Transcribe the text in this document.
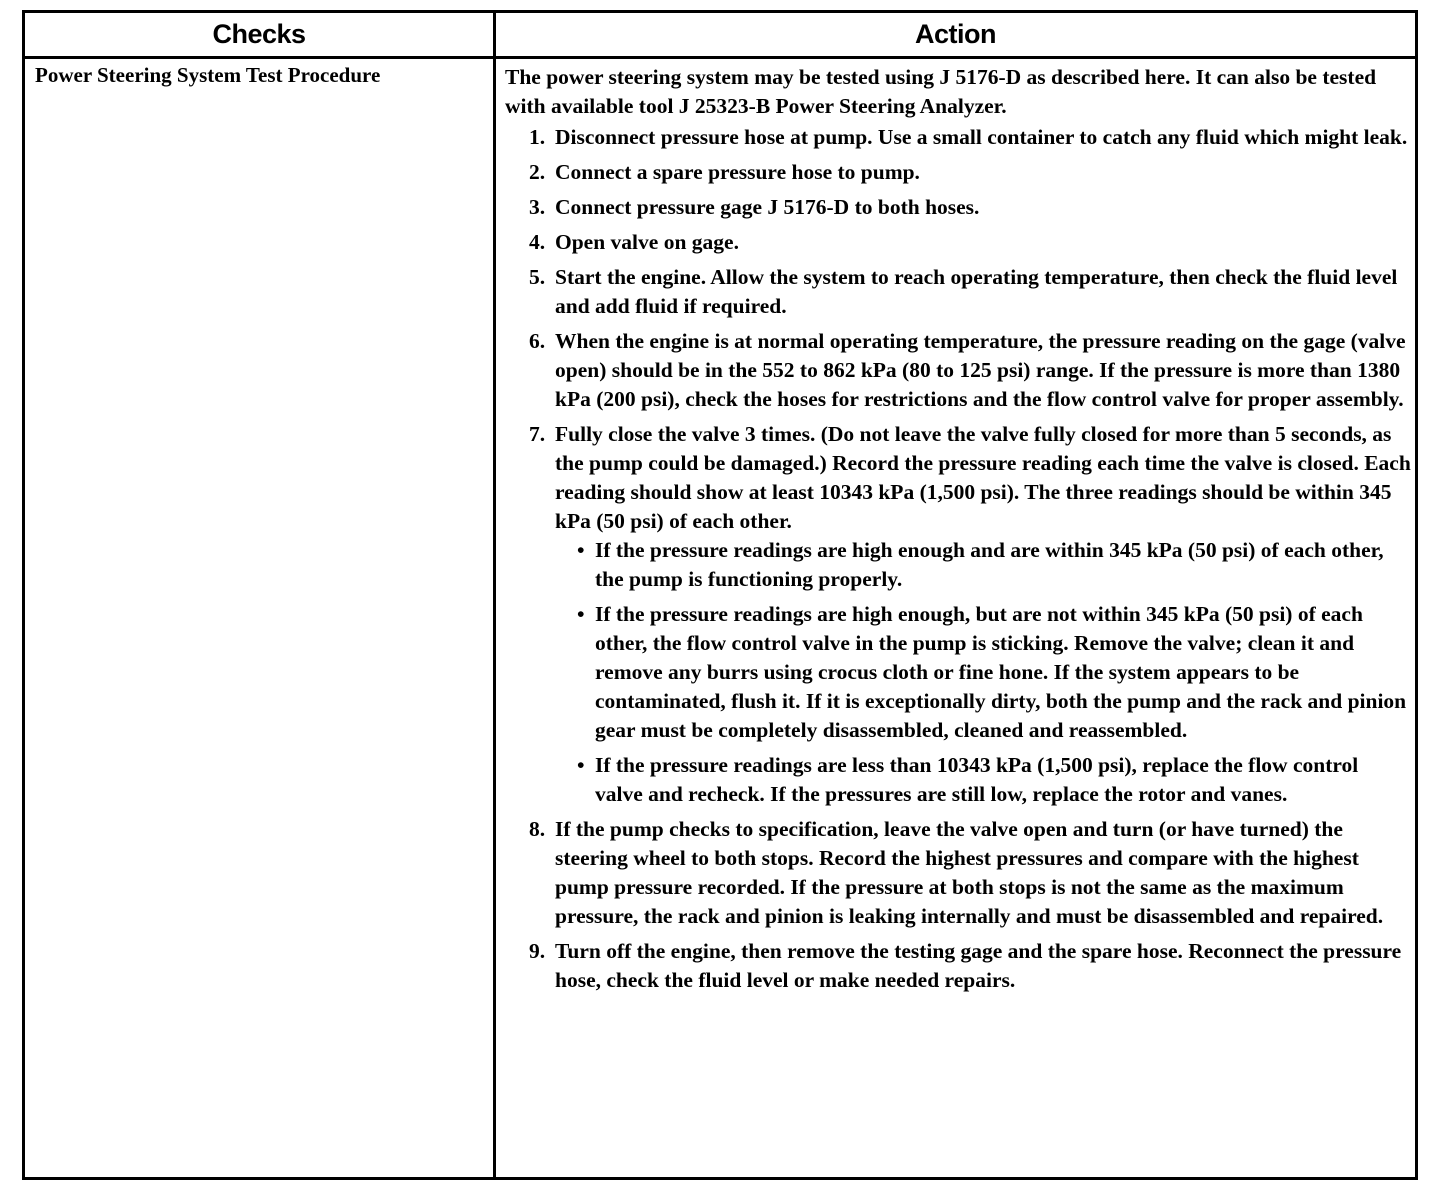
Checks	Action
Power Steering System Test Procedure	The power steering system may be tested using J 5176-D as described here. It can also be tested with available tool J 25323-B Power Steering Analyzer.
1. Disconnect pressure hose at pump. Use a small container to catch any fluid which might leak.
2. Connect a spare pressure hose to pump.
3. Connect pressure gage J 5176-D to both hoses.
4. Open valve on gage.
5. Start the engine. Allow the system to reach operating temperature, then check the fluid level and add fluid if required.
6. When the engine is at normal operating temperature, the pressure reading on the gage (valve open) should be in the 552 to 862 kPa (80 to 125 psi) range. If the pressure is more than 1380 kPa (200 psi), check the hoses for restrictions and the flow control valve for proper assembly.
7. Fully close the valve 3 times. (Do not leave the valve fully closed for more than 5 seconds, as the pump could be damaged.) Record the pressure reading each time the valve is closed. Each reading should show at least 10343 kPa (1,500 psi). The three readings should be within 345 kPa (50 psi) of each other.
• If the pressure readings are high enough and are within 345 kPa (50 psi) of each other, the pump is functioning properly.
• If the pressure readings are high enough, but are not within 345 kPa (50 psi) of each other, the flow control valve in the pump is sticking. Remove the valve; clean it and remove any burrs using crocus cloth or fine hone. If the system appears to be contaminated, flush it. If it is exceptionally dirty, both the pump and the rack and pinion gear must be completely disassembled, cleaned and reassembled.
• If the pressure readings are less than 10343 kPa (1,500 psi), replace the flow control valve and recheck. If the pressures are still low, replace the rotor and vanes.
8. If the pump checks to specification, leave the valve open and turn (or have turned) the steering wheel to both stops. Record the highest pressures and compare with the highest pump pressure recorded. If the pressure at both stops is not the same as the maximum pressure, the rack and pinion is leaking internally and must be disassembled and repaired.
9. Turn off the engine, then remove the testing gage and the spare hose. Reconnect the pressure hose, check the fluid level or make needed repairs.
